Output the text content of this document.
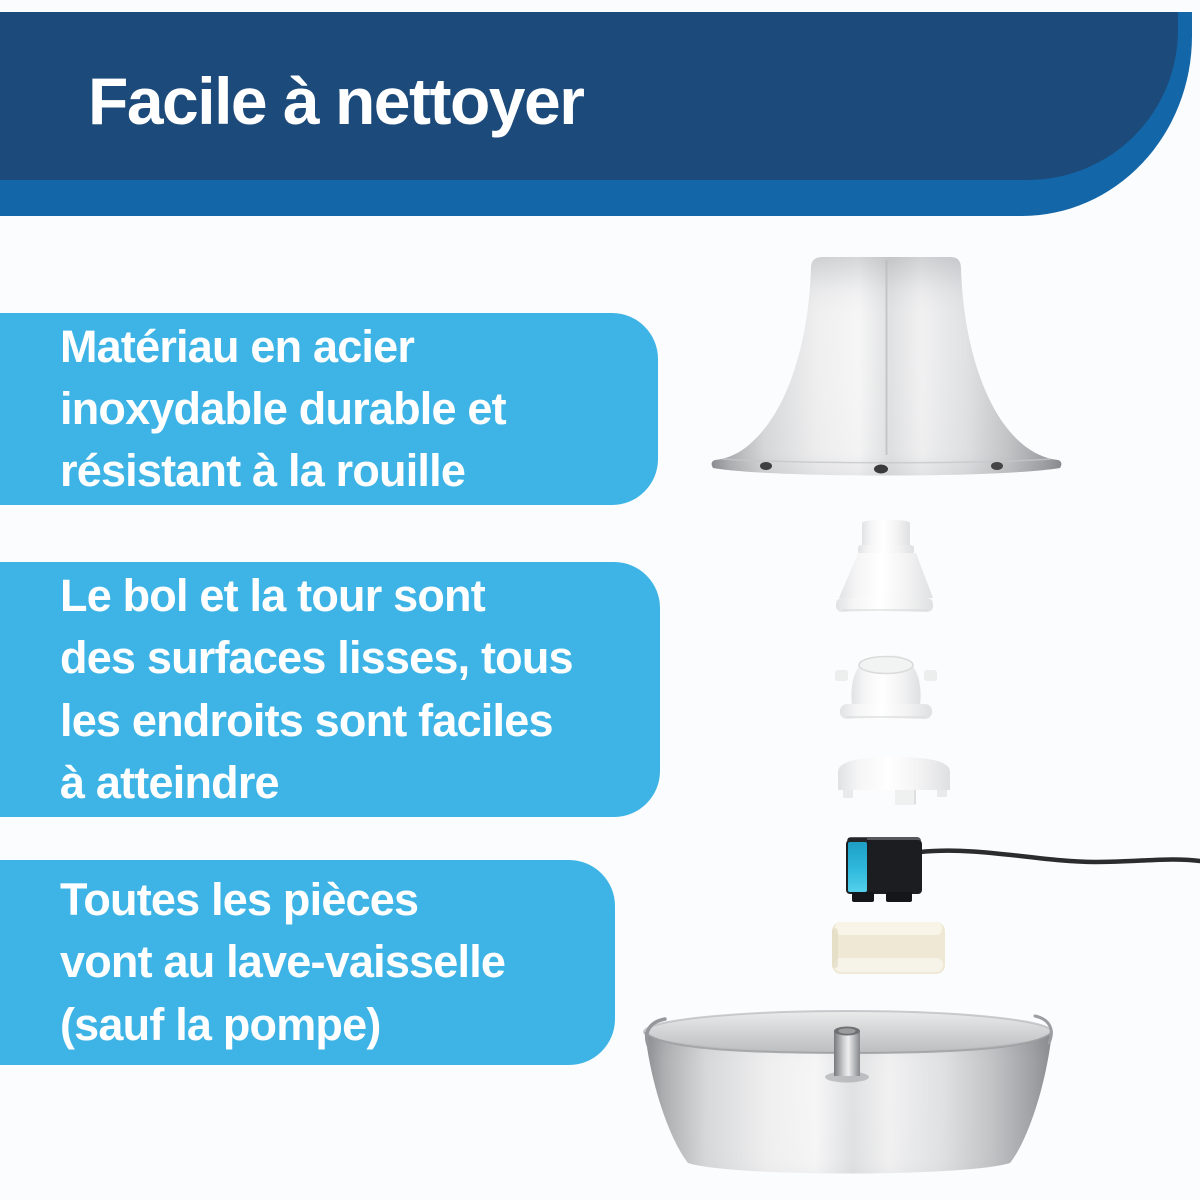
Facile à nettoyer
Matériau en acier
inoxydable durable et
résistant à la rouille
Le bol et la tour sont
des surfaces lisses, tous
les endroits sont faciles
à atteindre
Toutes les pièces
vont au lave-vaisselle
(sauf la pompe)
